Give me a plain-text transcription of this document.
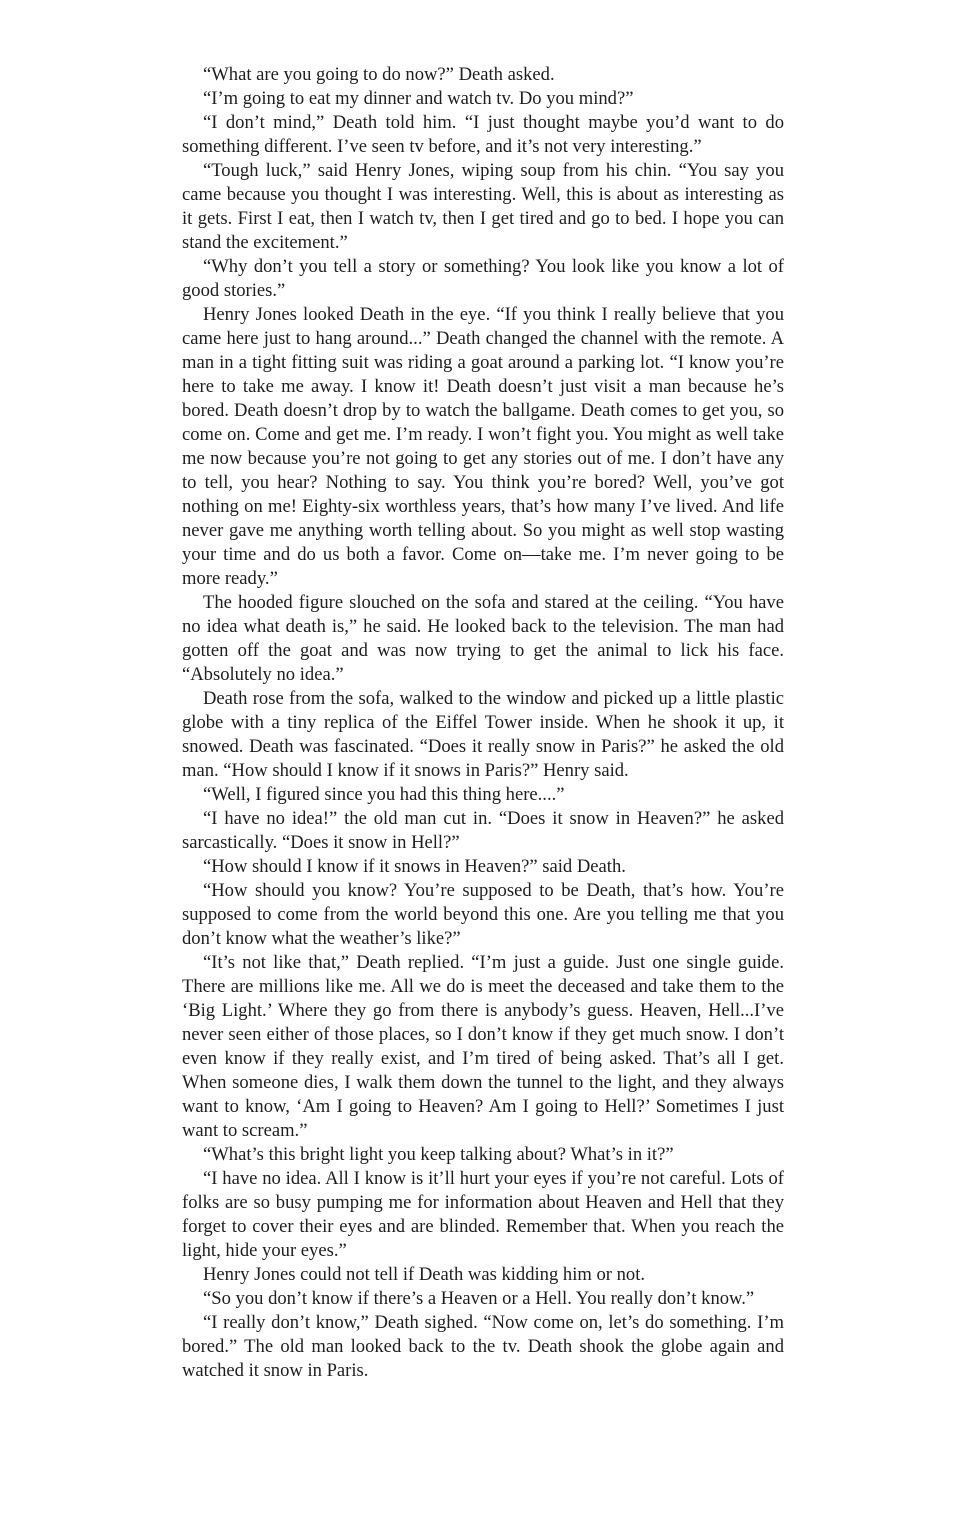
“What are you going to do now?” Death asked.

“I’m going to eat my dinner and watch tv. Do you mind?”

“I don’t mind,” Death told him. “I just thought maybe you’d want to do something different. I’ve seen tv before, and it’s not very interesting.”

“Tough luck,” said Henry Jones, wiping soup from his chin. “You say you came because you thought I was interesting. Well, this is about as interesting as it gets. First I eat, then I watch tv, then I get tired and go to bed. I hope you can stand the excitement.”

“Why don’t you tell a story or something? You look like you know a lot of good stories.”

Henry Jones looked Death in the eye. “If you think I really believe that you came here just to hang around...” Death changed the channel with the remote. A man in a tight fitting suit was riding a goat around a parking lot. “I know you’re here to take me away. I know it! Death doesn’t just visit a man because he’s bored. Death doesn’t drop by to watch the ballgame. Death comes to get you, so come on. Come and get me. I’m ready. I won’t fight you. You might as well take me now because you’re not going to get any stories out of me. I don’t have any to tell, you hear? Nothing to say. You think you’re bored? Well, you’ve got nothing on me! Eighty-six worthless years, that’s how many I’ve lived. And life never gave me anything worth telling about. So you might as well stop wasting your time and do us both a favor. Come on—take me. I’m never going to be more ready.”

The hooded figure slouched on the sofa and stared at the ceiling. “You have no idea what death is,” he said. He looked back to the television. The man had gotten off the goat and was now trying to get the animal to lick his face. “Absolutely no idea.”

Death rose from the sofa, walked to the window and picked up a little plastic globe with a tiny replica of the Eiffel Tower inside. When he shook it up, it snowed. Death was fascinated. “Does it really snow in Paris?” he asked the old man. “How should I know if it snows in Paris?” Henry said.

“Well, I figured since you had this thing here....”

“I have no idea!” the old man cut in. “Does it snow in Heaven?” he asked sarcastically. “Does it snow in Hell?”

“How should I know if it snows in Heaven?” said Death.

“How should you know? You’re supposed to be Death, that’s how. You’re supposed to come from the world beyond this one. Are you telling me that you don’t know what the weather’s like?”

“It’s not like that,” Death replied. “I’m just a guide. Just one single guide. There are millions like me. All we do is meet the deceased and take them to the ‘Big Light.’ Where they go from there is anybody’s guess. Heaven, Hell...I’ve never seen either of those places, so I don’t know if they get much snow. I don’t even know if they really exist, and I’m tired of being asked. That’s all I get. When someone dies, I walk them down the tunnel to the light, and they always want to know, ‘Am I going to Heaven? Am I going to Hell?’ Sometimes I just want to scream.”

“What’s this bright light you keep talking about? What’s in it?”

“I have no idea. All I know is it’ll hurt your eyes if you’re not careful. Lots of folks are so busy pumping me for information about Heaven and Hell that they forget to cover their eyes and are blinded. Remember that. When you reach the light, hide your eyes.”

Henry Jones could not tell if Death was kidding him or not.

“So you don’t know if there’s a Heaven or a Hell. You really don’t know.”

“I really don’t know,” Death sighed. “Now come on, let’s do something. I’m bored.” The old man looked back to the tv. Death shook the globe again and watched it snow in Paris.
